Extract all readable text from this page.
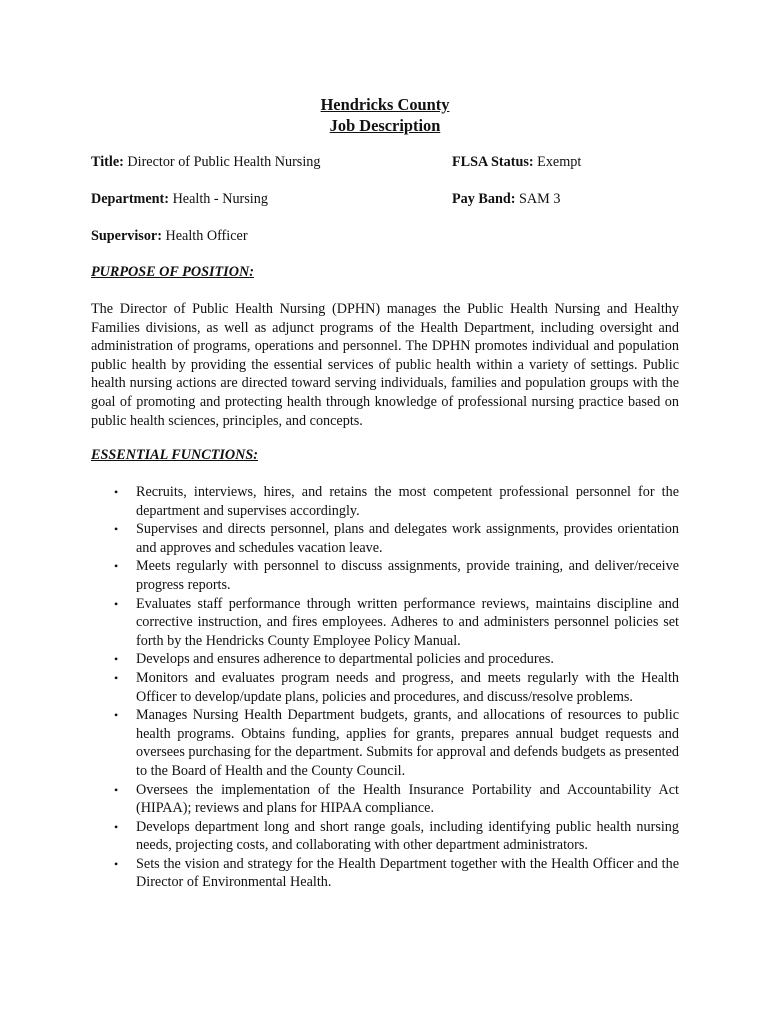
Hendricks County
Job Description
Title: Director of Public Health Nursing	FLSA Status: Exempt
Department: Health - Nursing	Pay Band: SAM 3
Supervisor: Health Officer
PURPOSE OF POSITION:

The Director of Public Health Nursing (DPHN) manages the Public Health Nursing and Healthy Families divisions, as well as adjunct programs of the Health Department, including oversight and administration of programs, operations and personnel. The DPHN promotes individual and population public health by providing the essential services of public health within a variety of settings. Public health nursing actions are directed toward serving individuals, families and population groups with the goal of promoting and protecting health through knowledge of professional nursing practice based on public health sciences, principles, and concepts.

ESSENTIAL FUNCTIONS:
• Recruits, interviews, hires, and retains the most competent professional personnel for the department and supervises accordingly.
• Supervises and directs personnel, plans and delegates work assignments, provides orientation and approves and schedules vacation leave.
• Meets regularly with personnel to discuss assignments, provide training, and deliver/receive progress reports.
• Evaluates staff performance through written performance reviews, maintains discipline and corrective instruction, and fires employees. Adheres to and administers personnel policies set forth by the Hendricks County Employee Policy Manual.
• Develops and ensures adherence to departmental policies and procedures.
• Monitors and evaluates program needs and progress, and meets regularly with the Health Officer to develop/update plans, policies and procedures, and discuss/resolve problems.
• Manages Nursing Health Department budgets, grants, and allocations of resources to public health programs. Obtains funding, applies for grants, prepares annual budget requests and oversees purchasing for the department. Submits for approval and defends budgets as presented to the Board of Health and the County Council.
• Oversees the implementation of the Health Insurance Portability and Accountability Act (HIPAA); reviews and plans for HIPAA compliance.
• Develops department long and short range goals, including identifying public health nursing needs, projecting costs, and collaborating with other department administrators.
• Sets the vision and strategy for the Health Department together with the Health Officer and the Director of Environmental Health.
